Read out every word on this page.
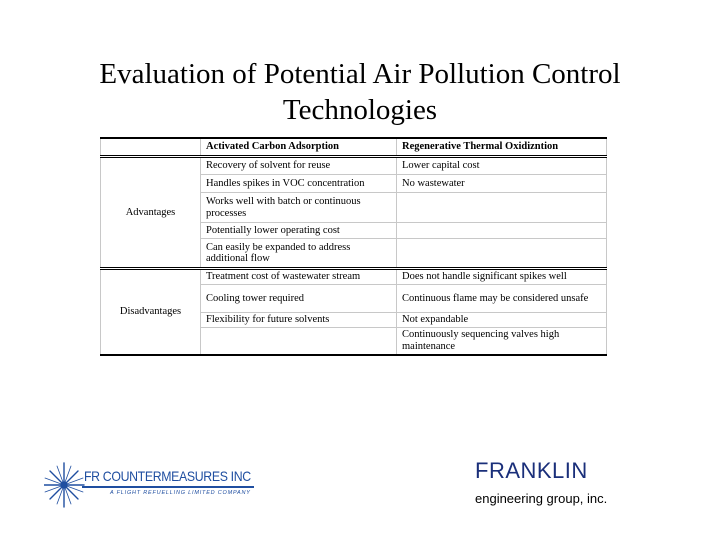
Evaluation of Potential Air Pollution Control
Technologies
	Activated Carbon Adsorption	Regenerative Thermal Oxidizntion
Advantages	Recovery of solvent for reuse	Lower capital cost
	Handles spikes in VOC concentration	No wastewater
	Works well with batch or continuous processes	
	Potentially lower operating cost	
	Can easily be expanded to address additional flow	
Disadvantages	Treatment cost of wastewater stream	Does not handle significant spikes well
	Cooling tower required	Continuous flame may be considered unsafe
	Flexibility for future solvents	Not expandable
		Continuously sequencing valves high maintenance
FR COUNTERMEASURES INC
A FLIGHT REFUELLING LIMITED COMPANY
FRANKLIN
engineering group, inc.
